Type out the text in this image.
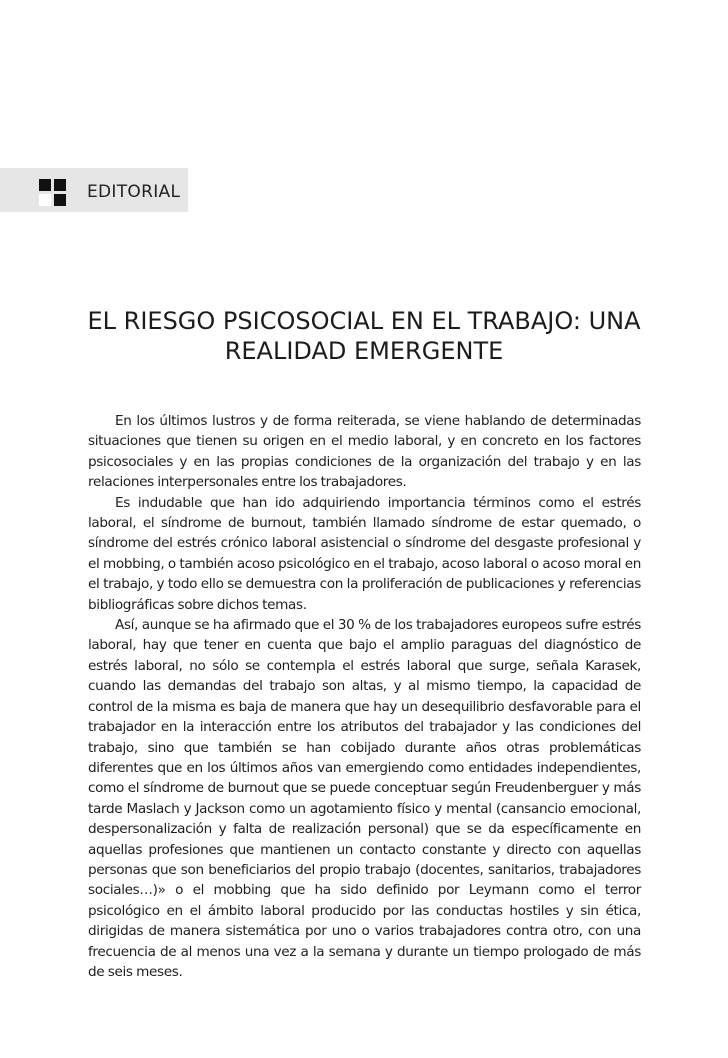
EDITORIAL
EL RIESGO PSICOSOCIAL EN EL TRABAJO: UNA
REALIDAD EMERGENTE

En los últimos lustros y de forma reiterada, se viene hablando de determinadas situaciones que tienen su origen en el medio laboral, y en concreto en los factores psicosociales y en las propias condiciones de la organización del trabajo y en las relaciones interpersonales entre los trabajadores.

Es indudable que han ido adquiriendo importancia términos como el estrés laboral, el síndrome de burnout, también llamado síndrome de estar quemado, o síndrome del estrés crónico laboral asistencial o síndrome del desgaste profesional y el mobbing, o también acoso psicológico en el trabajo, acoso laboral o acoso moral en el trabajo, y todo ello se demuestra con la proliferación de publicaciones y referencias bibliográficas sobre dichos temas.

Así, aunque se ha afirmado que el 30 % de los trabajadores europeos sufre estrés laboral, hay que tener en cuenta que bajo el amplio paraguas del diagnóstico de estrés laboral, no sólo se contempla el estrés laboral que surge, señala Karasek, cuando las demandas del trabajo son altas, y al mismo tiempo, la capacidad de control de la misma es baja de manera que hay un desequilibrio desfavorable para el trabajador en la interacción entre los atributos del trabajador y las condiciones del trabajo, sino que también se han cobijado durante años otras problemáticas diferentes que en los últimos años van emergiendo como entidades independientes, como el síndrome de burnout que se puede conceptuar según Freudenberguer y más tarde Maslach y Jackson como un agotamiento físico y mental (cansancio emocional, despersonalización y falta de realización personal) que se da específicamente en aquellas profesiones que mantienen un contacto constante y directo con aquellas personas que son beneficiarios del propio trabajo (docentes, sanitarios, trabajadores sociales…)» o el mobbing que ha sido definido por Leymann como el terror psicológico en el ámbito laboral producido por las conductas hostiles y sin ética, dirigidas de manera sistemática por uno o varios trabajadores contra otro, con una frecuencia de al menos una vez a la semana y durante un tiempo prologado de más de seis meses.
